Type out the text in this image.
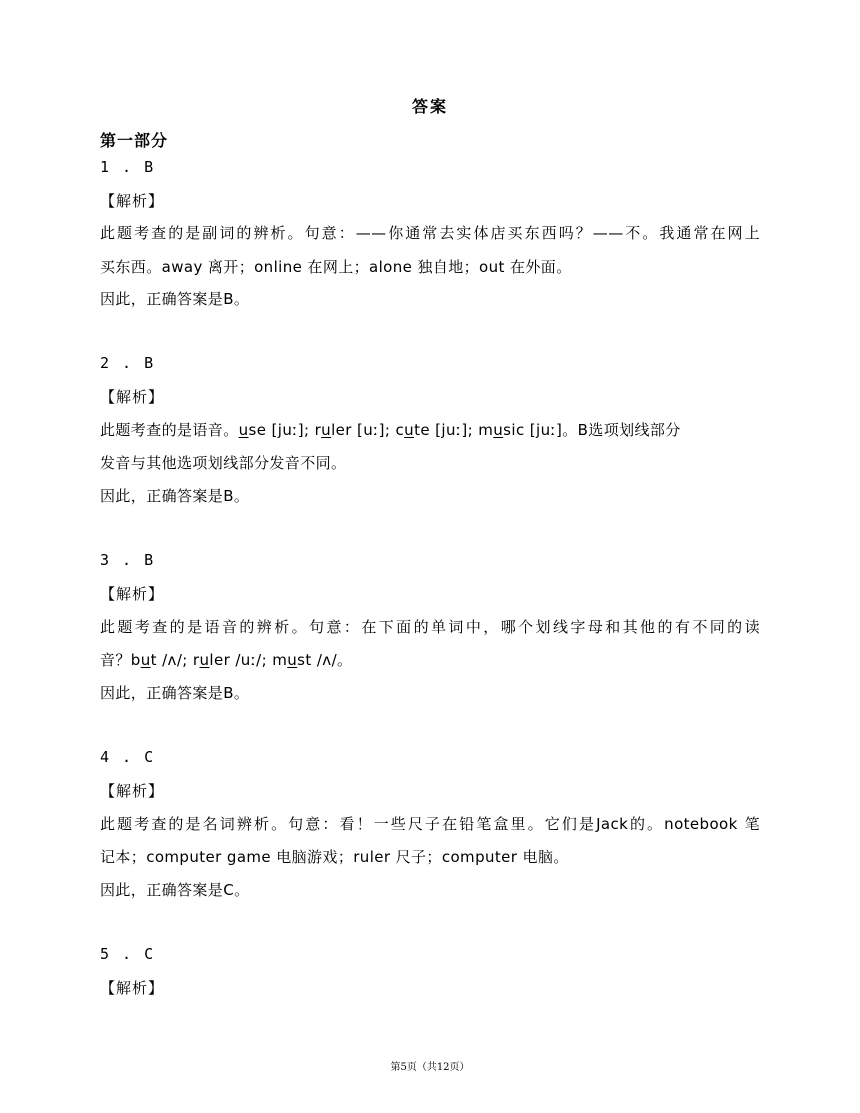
答案
第一部分
1 . B
【解析】
此题考查的是副词的辨析。句意：——你通常去实体店买东西吗？——不。我通常在网上
买东西。away 离开；online 在网上；alone 独自地；out 在外面。
因此，正确答案是B。
2 . B
【解析】
此题考查的是语音。use [juː]; ruler [uː]; cute [juː]; music [juː]。B选项划线部分
发音与其他选项划线部分发音不同。
因此，正确答案是B。
3 . B
【解析】
此题考查的是语音的辨析。句意：在下面的单词中，哪个划线字母和其他的有不同的读
音？but /ʌ/; ruler /uː/; must /ʌ/。
因此，正确答案是B。
4 . C
【解析】
此题考查的是名词辨析。句意：看！一些尺子在铅笔盒里。它们是Jack的。notebook 笔
记本；computer game 电脑游戏；ruler 尺子；computer 电脑。
因此，正确答案是C。
5 . C
【解析】
第5页（共12页）
